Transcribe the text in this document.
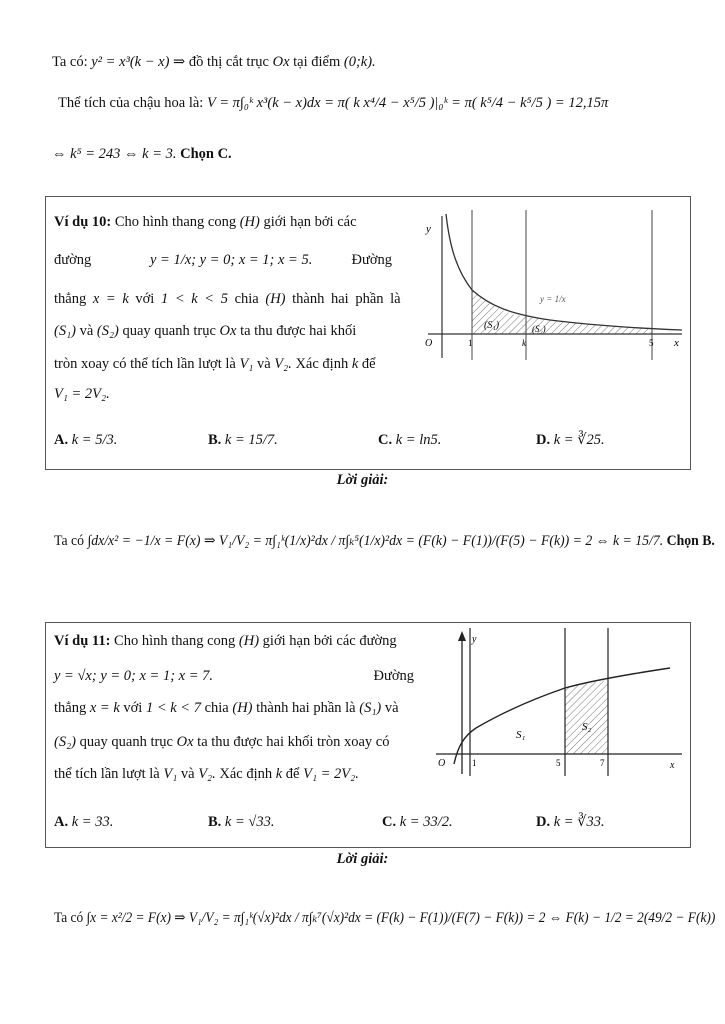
Ta có: y² = x³(k − x) ⇒ đồ thị cắt trục Ox tại điểm (0;k).
Thể tích của chậu hoa là: V = π∫₀ᵏ x³(k − x)dx = π( k x⁴/4 − x⁵/5 )|₀ᵏ = π( k⁵/4 − k⁵/5 ) = 12,15π
⇔ k⁵ = 243 ⇔ k = 3. Chọn C.
Ví dụ 10: Cho hình thang cong (H) giới hạn bởi các
đường	y = 1/x; y = 0; x = 1; x = 5.	Đường
thẳng x = k với 1 < k < 5 chia (H) thành hai phần là
(S₁) và (S₂) quay quanh trục Ox ta thu được hai khối
tròn xoay có thể tích lần lượt là V₁ và V₂. Xác định k để
V₁ = 2V₂.
A. k = 5/3.	B. k = 15/7.	C. k = ln5.	D. k = ∛25.
y
O	1	k	5 x
(S₁)	(S₂)
y = 1/x
Lời giải:
Ta có ∫dx/x² = −1/x = F(x) ⇒ V₁/V₂ = π∫₁ᵏ(1/x)²dx / π∫ₖ⁵(1/x)²dx = (F(k) − F(1))/(F(5) − F(k)) = 2 ⇔ k = 15/7. Chọn B.
Ví dụ 11: Cho hình thang cong (H) giới hạn bởi các đường
y = √x; y = 0; x = 1; x = 7.	Đường
thẳng x = k với 1 < k < 7 chia (H) thành hai phần là (S₁) và
(S₂) quay quanh trục Ox ta thu được hai khối tròn xoay có
thể tích lần lượt là V₁ và V₂. Xác định k để V₁ = 2V₂.
A. k = 33.	B. k = √33.	C. k = 33/2.	D. k = ∛33.
y
O	1	5	7	x
S₁
S₂
Lời giải:
Ta có ∫x = x²/2 = F(x) ⇒ V₁/V₂ = π∫₁ᵏ(√x)²dx / π∫ₖ⁷(√x)²dx = (F(k) − F(1))/(F(7) − F(k)) = 2 ⇔ F(k) − 1/2 = 2(49/2 − F(k))
